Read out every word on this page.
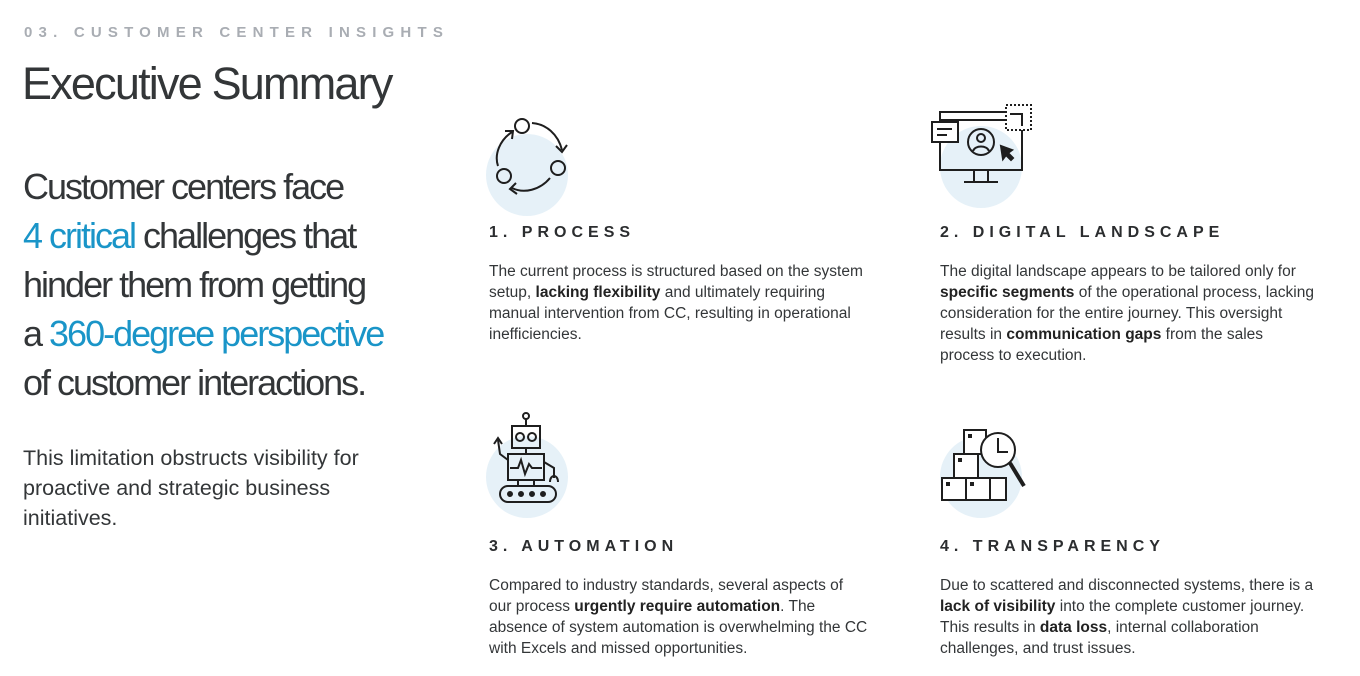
03. CUSTOMER CENTER INSIGHTS
Executive Summary
Customer centers face
4 critical challenges that
hinder them from getting
a 360-degree perspective
of customer interactions.
This limitation obstructs visibility for proactive and strategic business initiatives.
1. PROCESS
The current process is structured based on the system setup, lacking flexibility and ultimately requiring manual intervention from CC, resulting in operational inefficiencies.
2. DIGITAL LANDSCAPE
The digital landscape appears to be tailored only for specific segments of the operational process, lacking consideration for the entire journey. This oversight results in communication gaps from the sales process to execution.
3. AUTOMATION
Compared to industry standards, several aspects of our process urgently require automation. The absence of system automation is overwhelming the CC with Excels and missed opportunities.
4. TRANSPARENCY
Due to scattered and disconnected systems, there is a lack of visibility into the complete customer journey. This results in data loss, internal collaboration challenges, and trust issues.
